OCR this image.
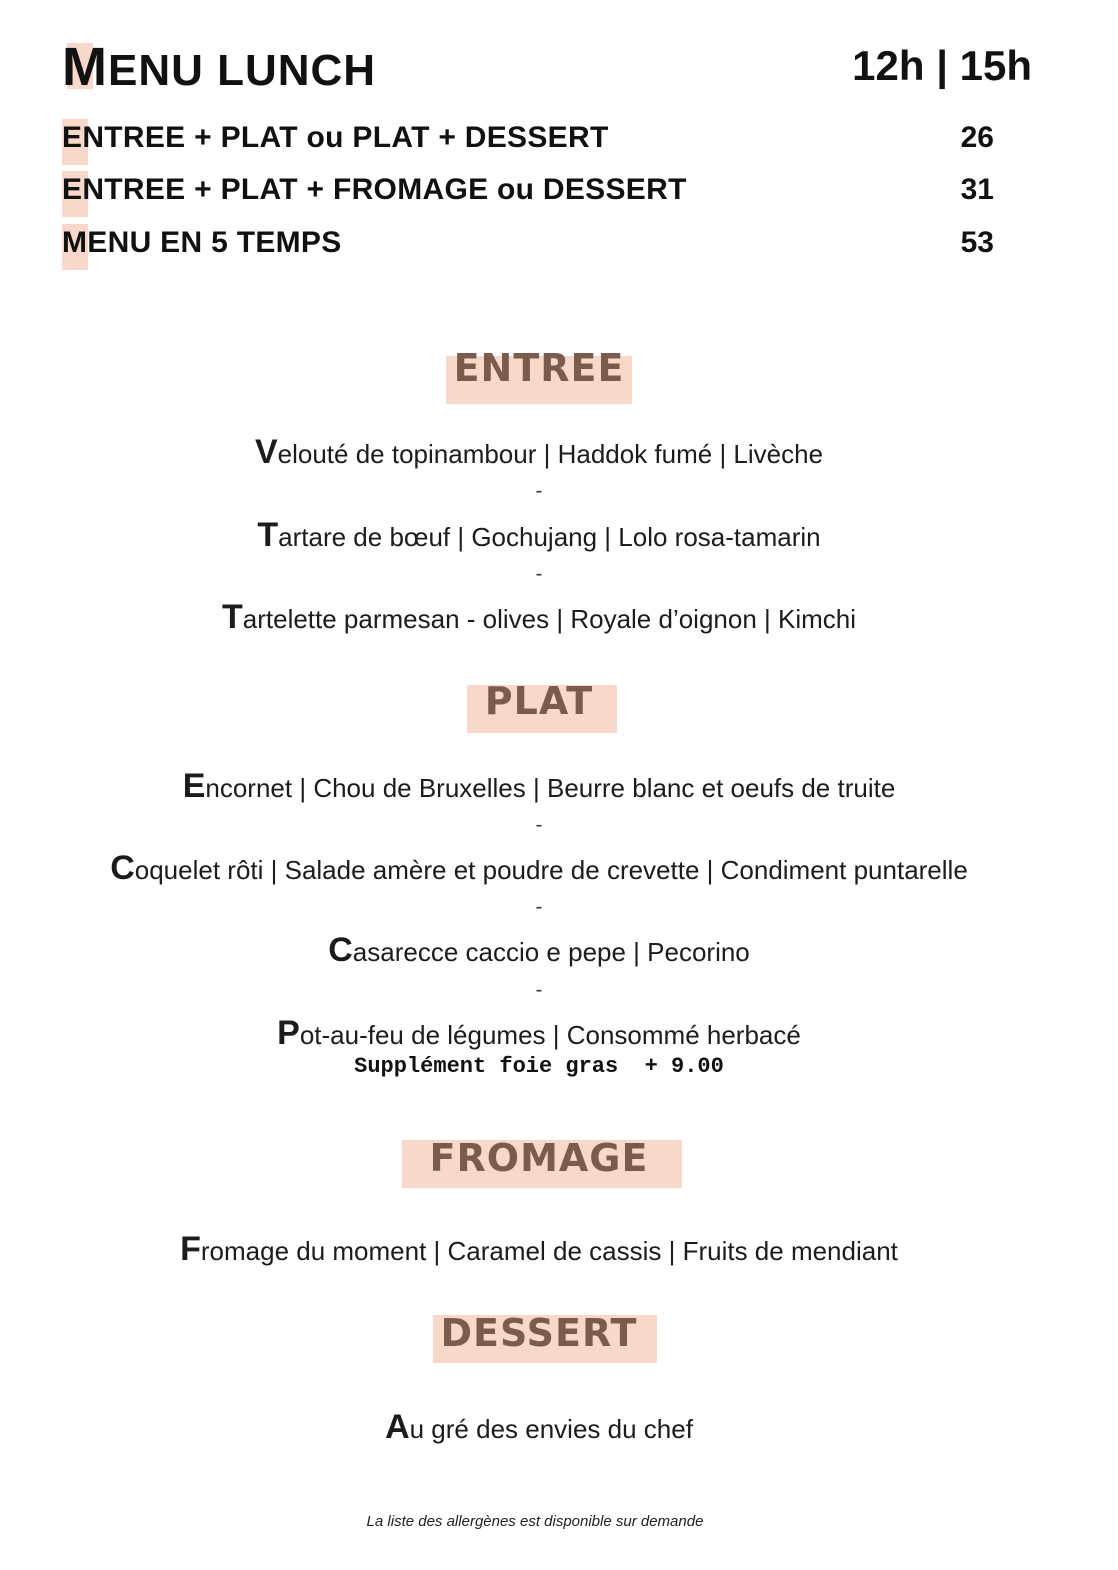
MENU LUNCH	12h | 15h
ENTREE + PLAT ou PLAT + DESSERT	26
ENTREE + PLAT + FROMAGE ou DESSERT	31
MENU EN 5 TEMPS	53
ENTREE
Velouté de topinambour | Haddok fumé | Livèche
-
Tartare de bœuf | Gochujang | Lolo rosa-tamarin
-
Tartelette parmesan - olives | Royale d’oignon | Kimchi
PLAT
Encornet | Chou de Bruxelles | Beurre blanc et oeufs de truite
-
Coquelet rôti | Salade amère et poudre de crevette | Condiment puntarelle
-
Casarecce caccio e pepe | Pecorino
-
Pot-au-feu de légumes | Consommé herbacé
Supplément foie gras  + 9.00
FROMAGE
Fromage du moment | Caramel de cassis | Fruits de mendiant
DESSERT
Au gré des envies du chef
La liste des allergènes est disponible sur demande
